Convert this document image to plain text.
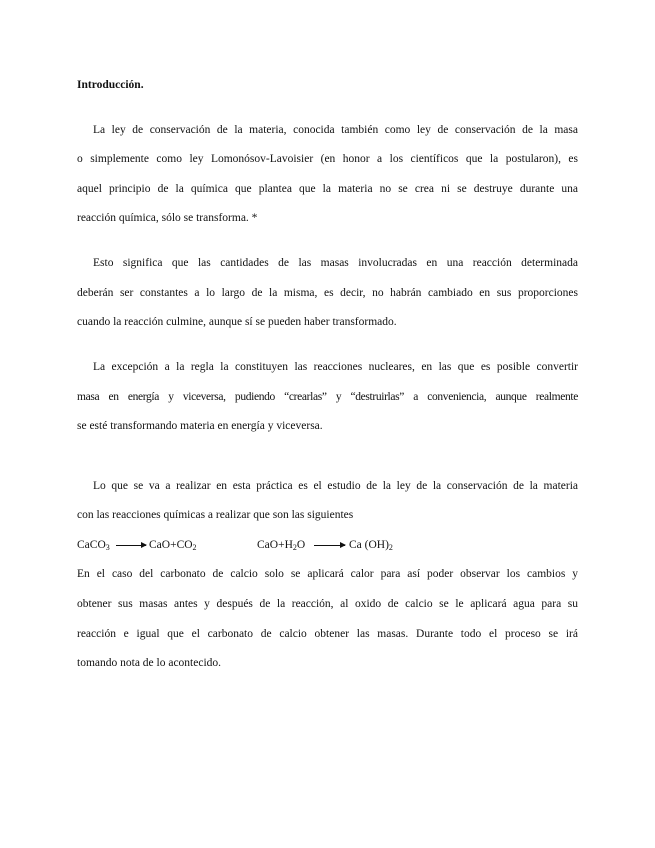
Introducción.
La ley de conservación de la materia, conocida también como ley de conservación de la masa
o simplemente como ley Lomonósov-Lavoisier (en honor a los científicos que la postularon), es
aquel principio de la química que plantea que la materia no se crea ni se destruye durante una
reacción química, sólo se transforma. *
Esto significa que las cantidades de las masas involucradas en una reacción determinada
deberán ser constantes a lo largo de la misma, es decir, no habrán cambiado en sus proporciones
cuando la reacción culmine, aunque sí se pueden haber transformado.
La excepción a la regla la constituyen las reacciones nucleares, en las que es posible convertir
masa en energía y viceversa, pudiendo “crearlas” y “destruirlas” a conveniencia, aunque realmente
se esté transformando materia en energía y viceversa.
Lo que se va a realizar en esta práctica es el estudio de la ley de la conservación de la materia
con las reacciones químicas a realizar que son las siguientes
CaCO$_3$ → $CaO+CO_2$	$CaO+H_2O \to Ca$ $(OH)_2$
En el caso del carbonato de calcio solo se aplicará calor para así poder observar los cambios y
obtener sus masas antes y después de la reacción, al oxido de calcio se le aplicará agua para su
reacción e igual que el carbonato de calcio obtener las masas. Durante todo el proceso se irá
tomando nota de lo acontecido.
